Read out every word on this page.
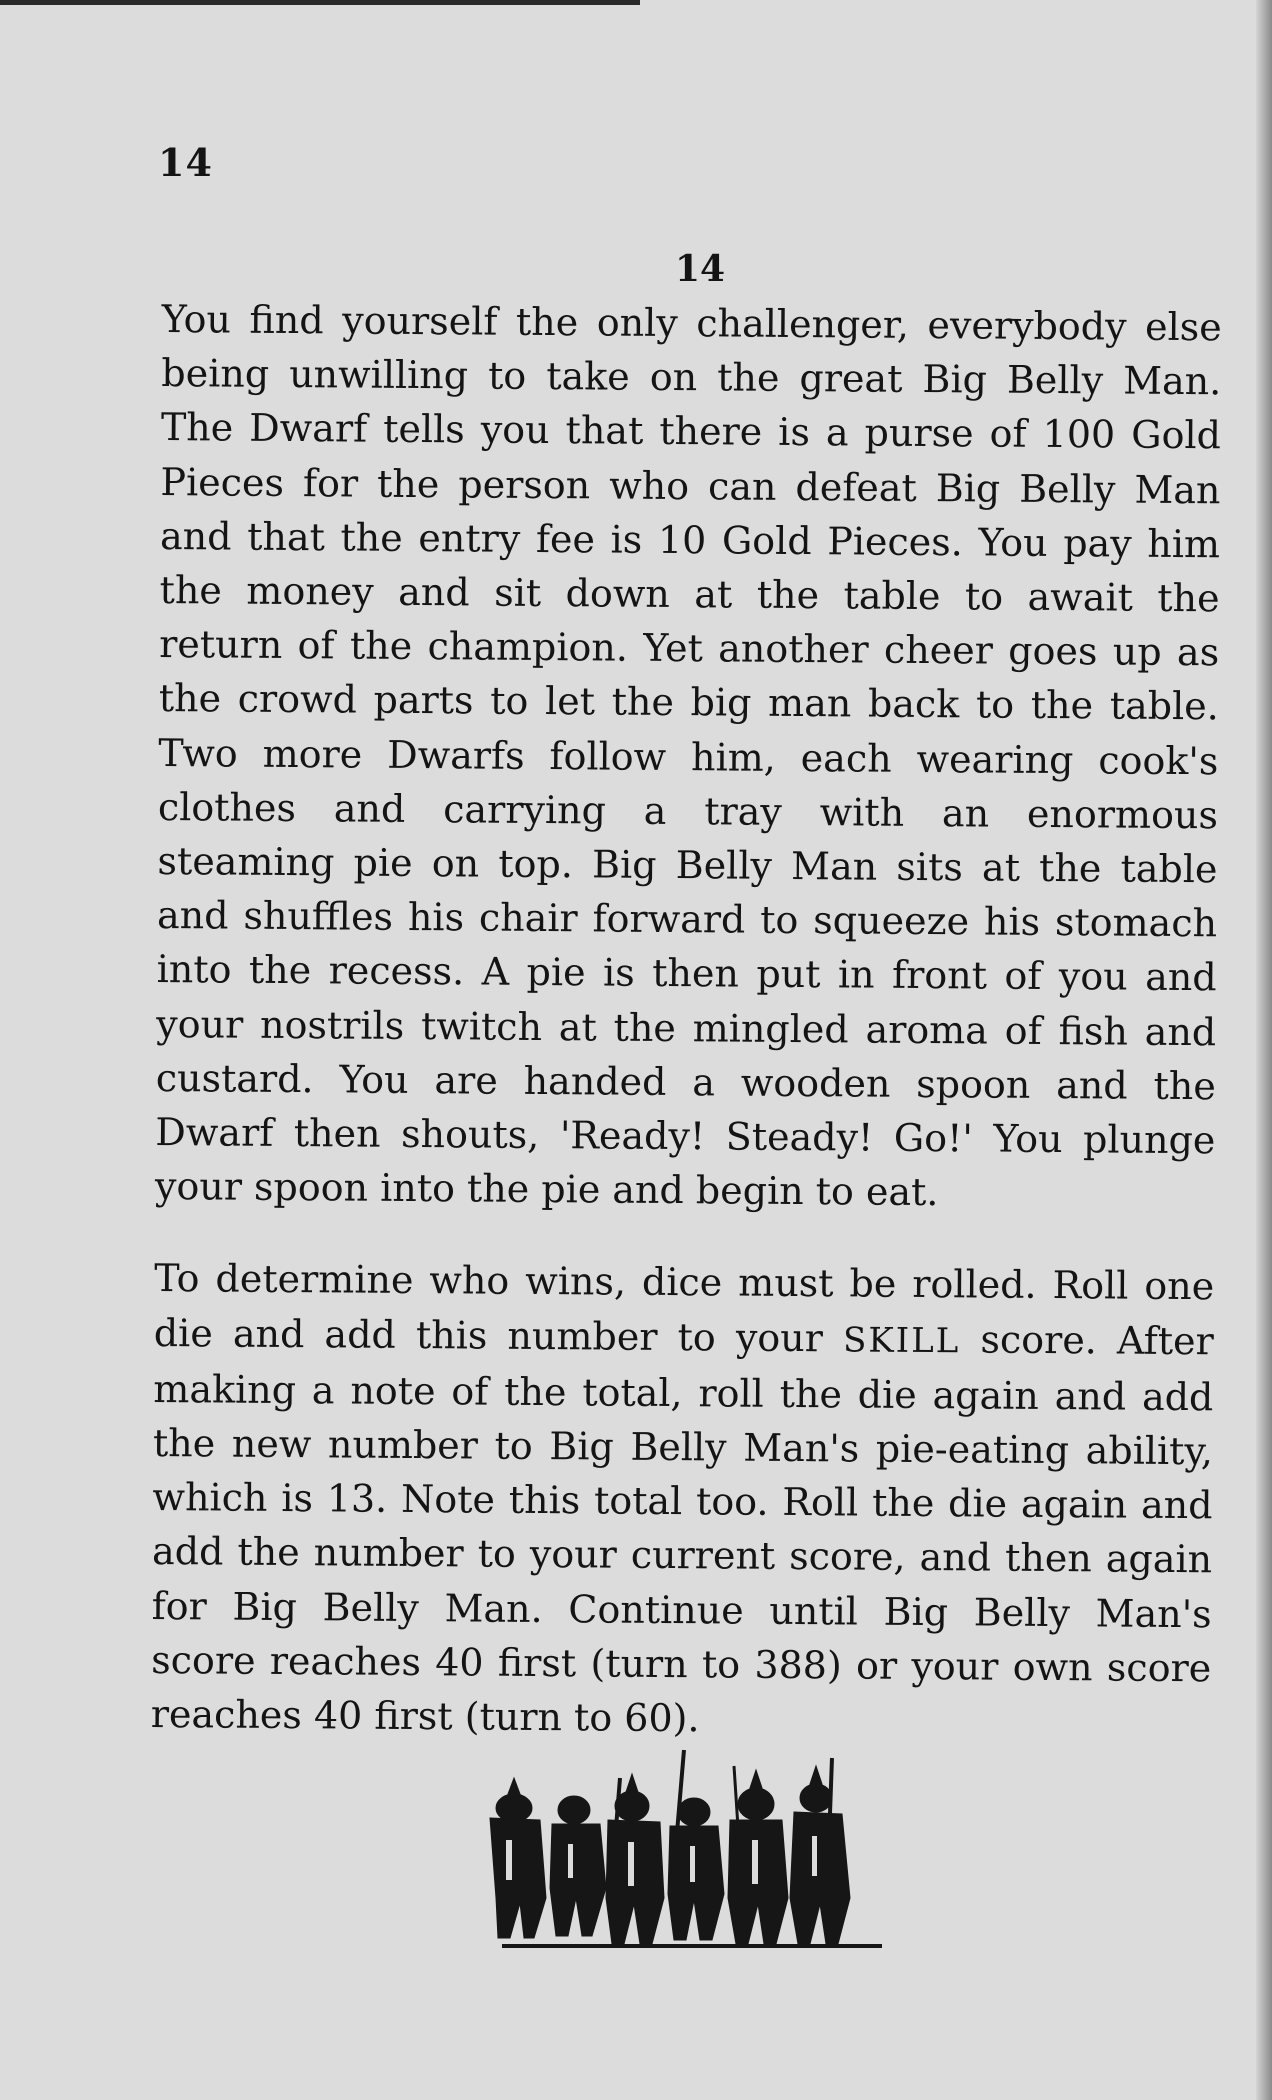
14
14

You find yourself the only challenger, everybody else being unwilling to take on the great Big Belly Man. The Dwarf tells you that there is a purse of 100 Gold Pieces for the person who can defeat Big Belly Man and that the entry fee is 10 Gold Pieces. You pay him the money and sit down at the table to await the return of the champion. Yet another cheer goes up as the crowd parts to let the big man back to the table. Two more Dwarfs follow him, each wearing cook's clothes and carrying a tray with an enormous steaming pie on top. Big Belly Man sits at the table and shuffles his chair forward to squeeze his stomach into the recess. A pie is then put in front of you and your nostrils twitch at the mingled aroma of fish and custard. You are handed a wooden spoon and the Dwarf then shouts, 'Ready! Steady! Go!' You plunge your spoon into the pie and begin to eat.

To determine who wins, dice must be rolled. Roll one die and add this number to your SKILL score. After making a note of the total, roll the die again and add the new number to Big Belly Man's pie-eating ability, which is 13. Note this total too. Roll the die again and add the number to your current score, and then again for Big Belly Man. Continue until Big Belly Man's score reaches 40 first (turn to 388) or your own score reaches 40 first (turn to 60).
